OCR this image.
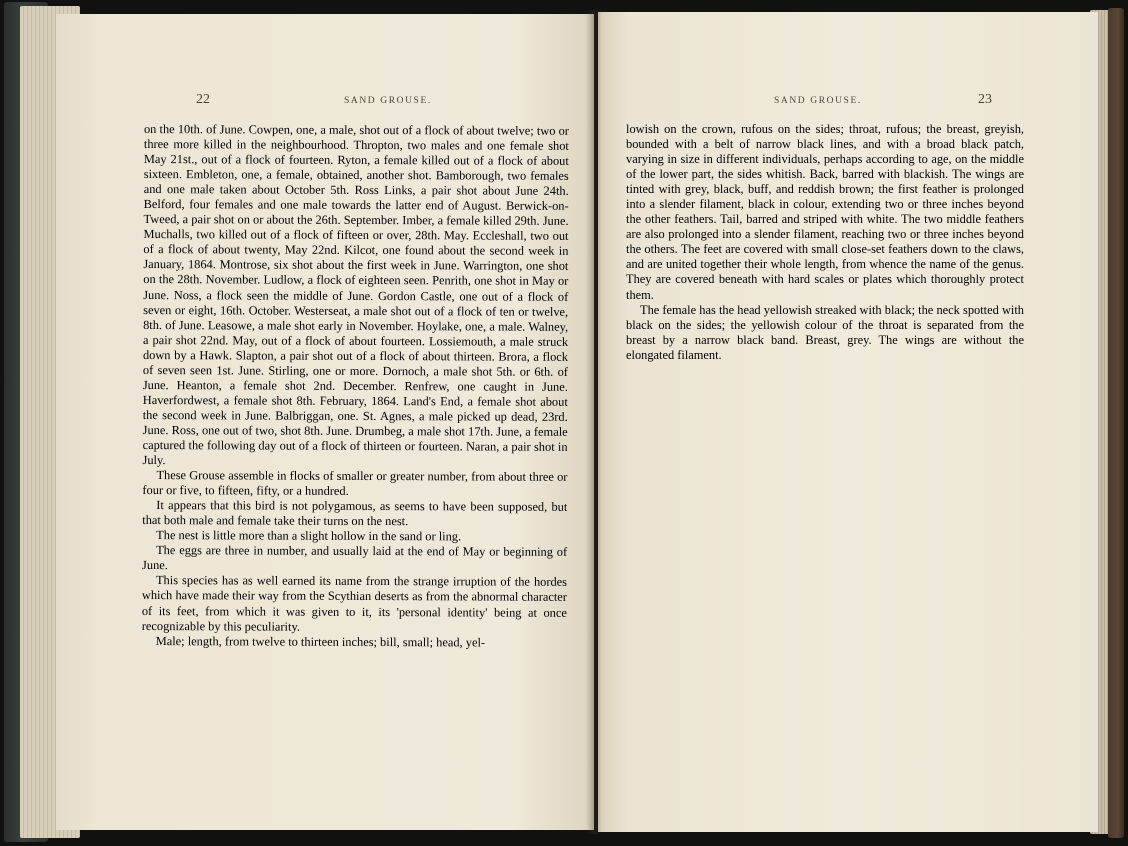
22	SAND GROUSE.	SAND GROUSE.	23

on the 10th. of June. Cowpen, one, a male, shot out of a flock of about twelve; two or three more killed in the neighbourhood. Thropton, two males and one female shot May 21st., out of a flock of fourteen. Ryton, a female killed out of a flock of about sixteen. Embleton, one, a female, obtained, another shot. Bamborough, two females and one male taken about October 5th. Ross Links, a pair shot about June 24th. Belford, four females and one male towards the latter end of August. Berwick-on-Tweed, a pair shot on or about the 26th. September. Imber, a female killed 29th. June. Muchalls, two killed out of a flock of fifteen or over, 28th. May. Eccleshall, two out of a flock of about twenty, May 22nd. Kilcot, one found about the second week in January, 1864. Montrose, six shot about the first week in June. Warrington, one shot on the 28th. November. Ludlow, a flock of eighteen seen. Penrith, one shot in May or June. Noss, a flock seen the middle of June. Gordon Castle, one out of a flock of seven or eight, 16th. October. Westerseat, a male shot out of a flock of ten or twelve, 8th. of June. Leasowe, a male shot early in November. Hoylake, one, a male. Walney, a pair shot 22nd. May, out of a flock of about fourteen. Lossiemouth, a male struck down by a Hawk. Slapton, a pair shot out of a flock of about thirteen. Brora, a flock of seven seen 1st. June. Stirling, one or more. Dornoch, a male shot 5th. or 6th. of June. Heanton, a female shot 2nd. December. Renfrew, one caught in June. Haverfordwest, a female shot 8th. February, 1864. Land's End, a female shot about the second week in June. Balbriggan, one. St. Agnes, a male picked up dead, 23rd. June. Ross, one out of two, shot 8th. June. Drumbeg, a male shot 17th. June, a female captured the following day out of a flock of thirteen or fourteen. Naran, a pair shot in July.

These Grouse assemble in flocks of smaller or greater number, from about three or four or five, to fifteen, fifty, or a hundred.

It appears that this bird is not polygamous, as seems to have been supposed, but that both male and female take their turns on the nest.

The nest is little more than a slight hollow in the sand or ling.

The eggs are three in number, and usually laid at the end of May or beginning of June.

This species has as well earned its name from the strange irruption of the hordes which have made their way from the Scythian deserts as from the abnormal character of its feet, from which it was given to it, its 'personal identity' being at once recognizable by this peculiarity.

Male; length, from twelve to thirteen inches; bill, small; head, yel-

lowish on the crown, rufous on the sides; throat, rufous; the breast, greyish, bounded with a belt of narrow black lines, and with a broad black patch, varying in size in different individuals, perhaps according to age, on the middle of the lower part, the sides whitish. Back, barred with blackish. The wings are tinted with grey, black, buff, and reddish brown; the first feather is prolonged into a slender filament, black in colour, extending two or three inches beyond the other feathers. Tail, barred and striped with white. The two middle feathers are also prolonged into a slender filament, reaching two or three inches beyond the others. The feet are covered with small close-set feathers down to the claws, and are united together their whole length, from whence the name of the genus. They are covered beneath with hard scales or plates which thoroughly protect them.

The female has the head yellowish streaked with black; the neck spotted with black on the sides; the yellowish colour of the throat is separated from the breast by a narrow black band. Breast, grey. The wings are without the elongated filament.
